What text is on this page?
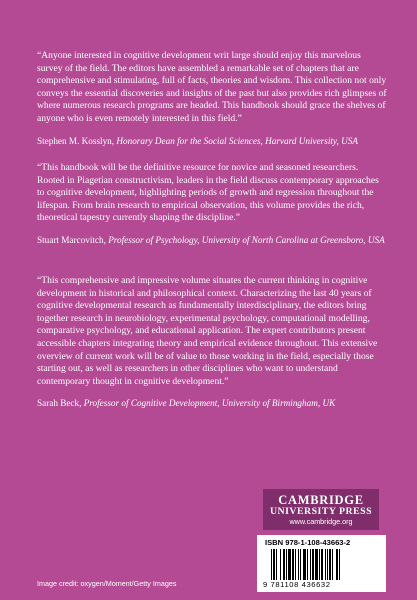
“Anyone interested in cognitive development writ large should enjoy this marvelous survey of the field. The editors have assembled a remarkable set of chapters that are comprehensive and stimulating, full of facts, theories and wisdom. This collection not only conveys the essential discoveries and insights of the past but also provides rich glimpses of where numerous research programs are headed. This handbook should grace the shelves of anyone who is even remotely interested in this field.”

Stephen M. Kosslyn, Honorary Dean for the Social Sciences, Harvard University, USA

“This handbook will be the definitive resource for novice and seasoned researchers. Rooted in Piagetian constructivism, leaders in the field discuss contemporary approaches to cognitive development, highlighting periods of growth and regression throughout the lifespan. From brain research to empirical observation, this volume provides the rich, theoretical tapestry currently shaping the discipline.”

Stuart Marcovitch, Professor of Psychology, University of North Carolina at Greensboro, USA

“This comprehensive and impressive volume situates the current thinking in cognitive development in historical and philosophical context. Characterizing the last 40 years of cognitive developmental research as fundamentally interdisciplinary, the editors bring together research in neurobiology, experimental psychology, computational modelling, comparative psychology, and educational application. The expert contributors present accessible chapters integrating theory and empirical evidence throughout. This extensive overview of current work will be of value to those working in the field, especially those starting out, as well as researchers in other disciplines who want to understand contemporary thought in cognitive development.”

Sarah Beck, Professor of Cognitive Development, University of Birmingham, UK

Image credit: oxygen/Moment/Getty Images
CAMBRIDGE
UNIVERSITY PRESS
www.cambridge.org
ISBN 978-1-108-43663-2
9 781108 436632
